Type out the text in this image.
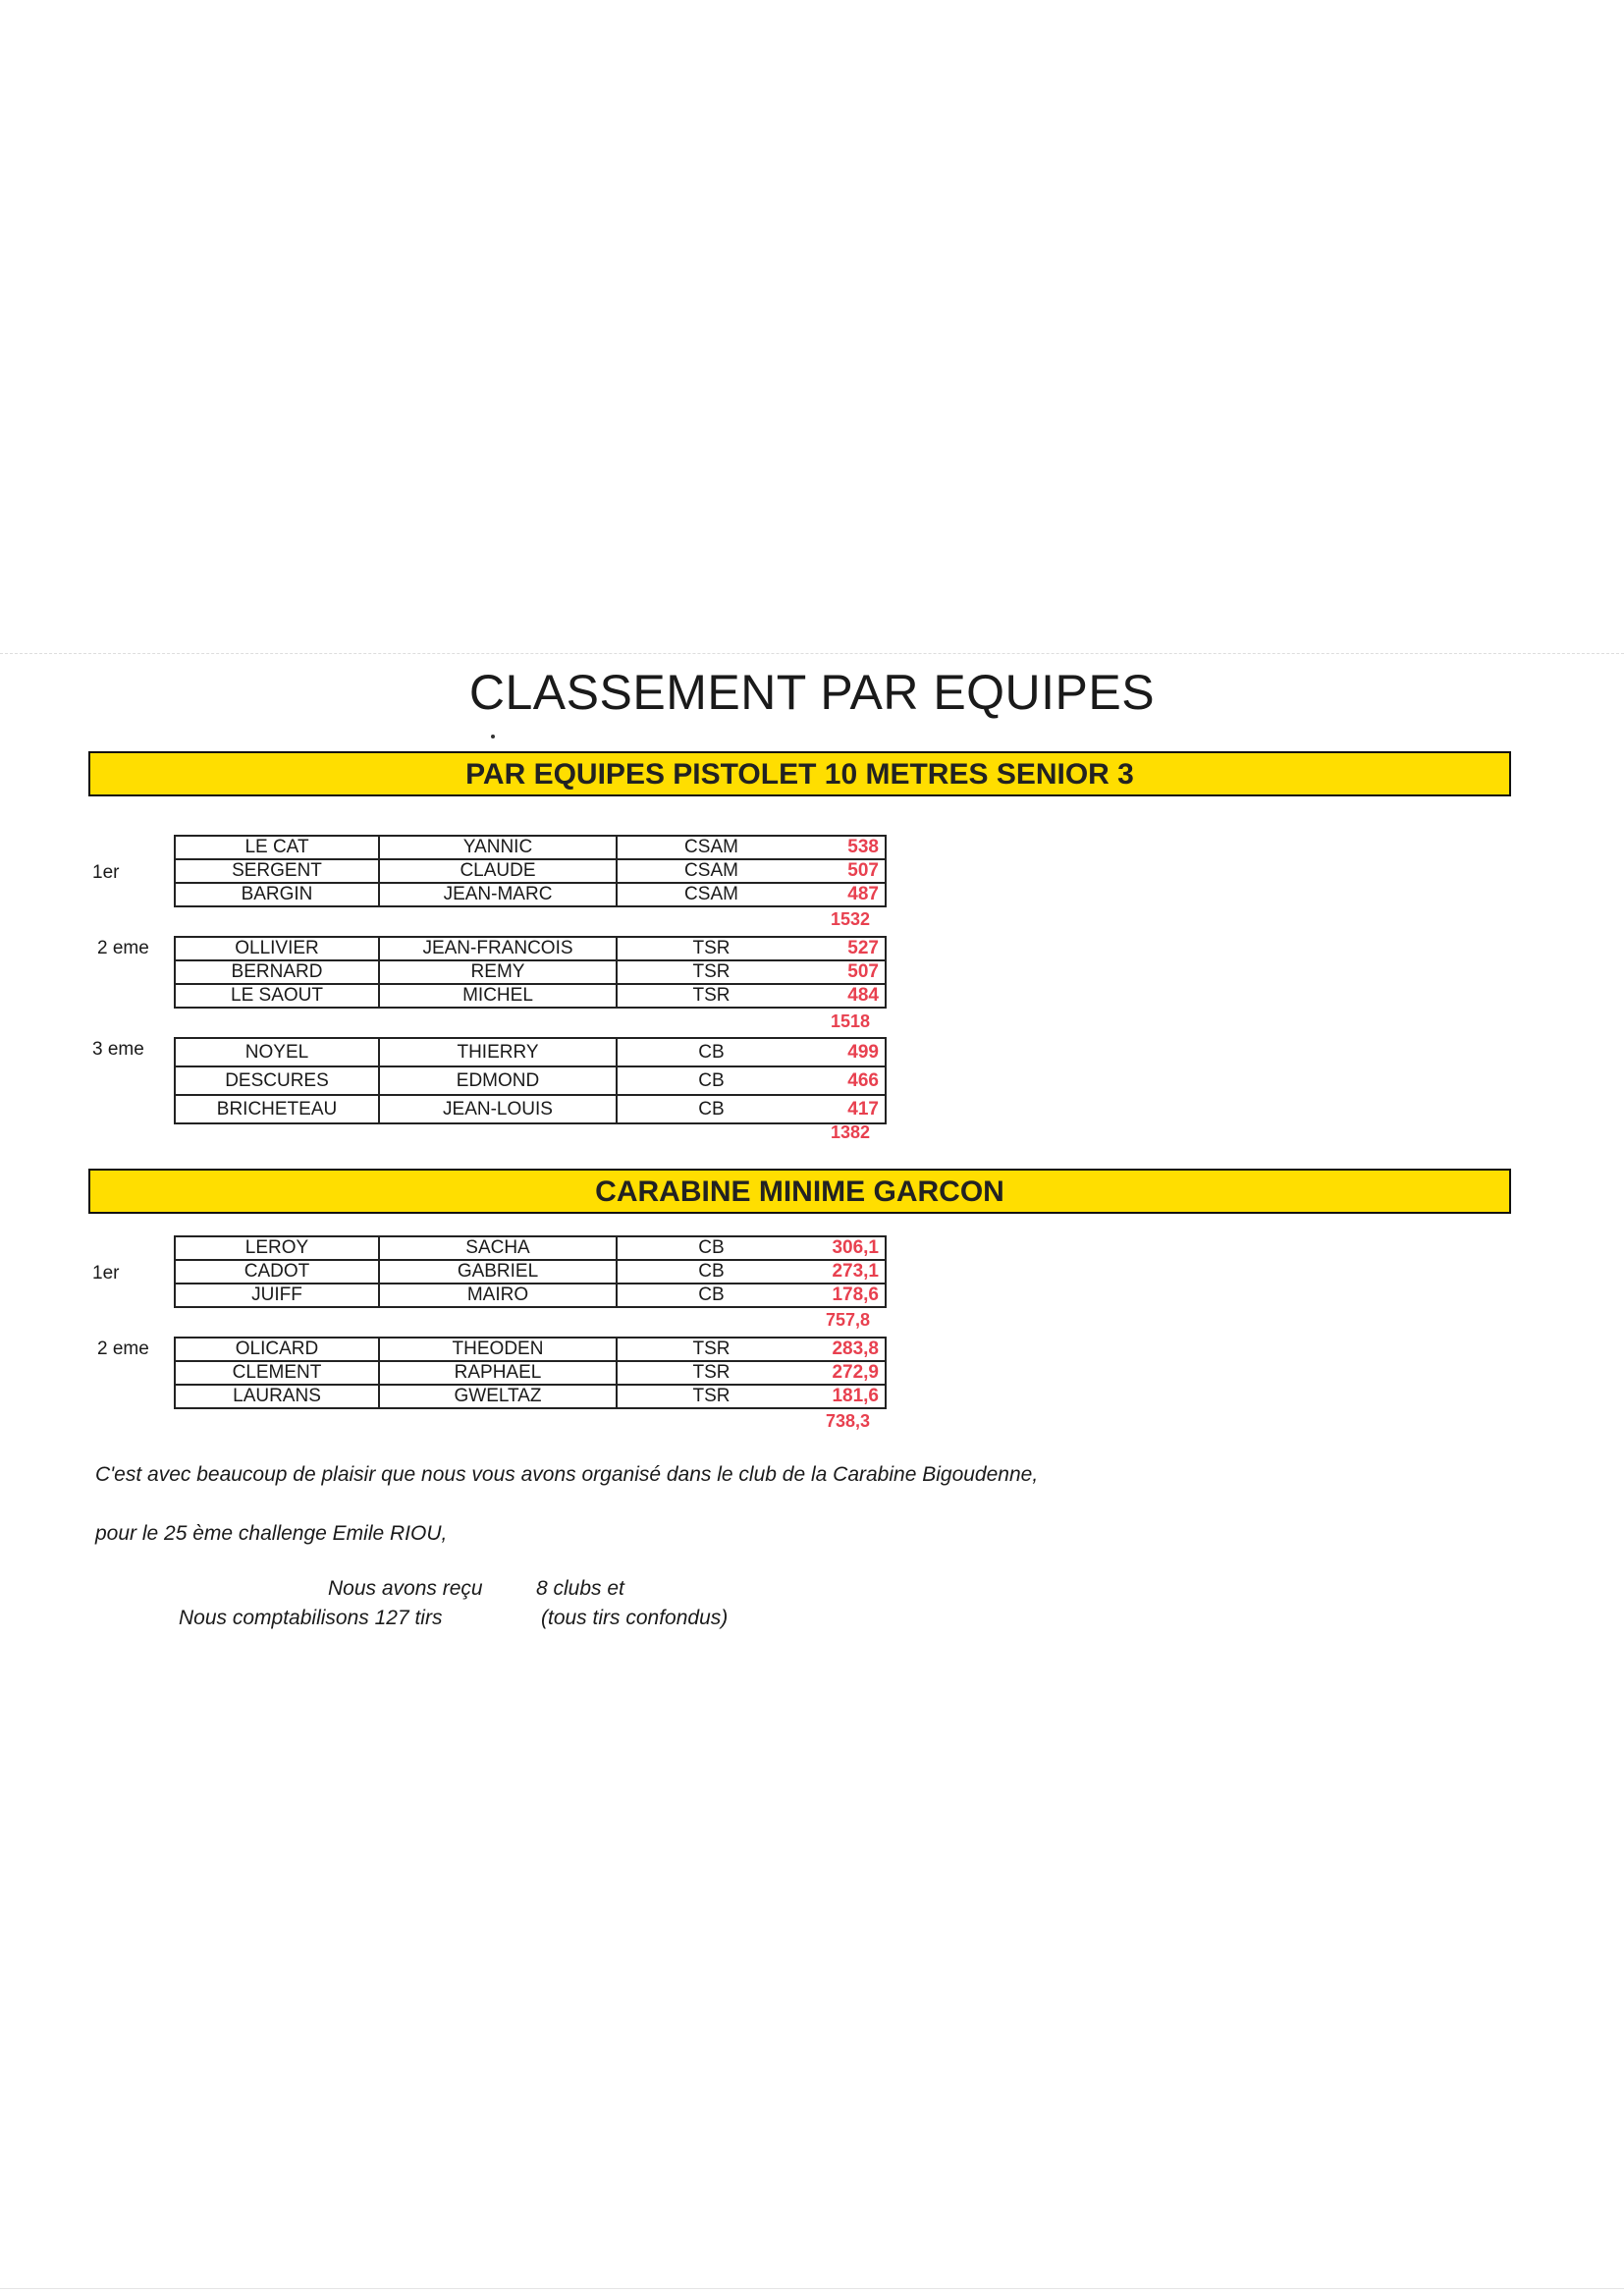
CLASSEMENT PAR EQUIPES
PAR EQUIPES PISTOLET 10 METRES SENIOR 3
1er
LE CAT	YANNIC	CSAM	538
SERGENT	CLAUDE	CSAM	507
BARGIN	JEAN-MARC	CSAM	487
1532
2 eme	OLLIVIER	JEAN-FRANCOIS	TSR	527
BERNARD	REMY	TSR	507
LE SAOUT	MICHEL	TSR	484
1518
3 eme	NOYEL	THIERRY	CB	499
DESCURES	EDMOND	CB	466
BRICHETEAU	JEAN-LOUIS	CB	417
1382
CARABINE MINIME GARCON
1er
LEROY	SACHA	CB	306,1
CADOT	GABRIEL	CB	273,1
JUIFF	MAIRO	CB	178,6
757,8
2 eme	OLICARD	THEODEN	TSR	283,8
CLEMENT	RAPHAEL	TSR	272,9
LAURANS	GWELTAZ	TSR	181,6
738,3
C'est avec beaucoup de plaisir que nous vous avons organisé dans le club de la Carabine Bigoudenne,
pour le 25 ème challenge Emile RIOU,
Nous avons reçu	8 clubs et
Nous comptabilisons 127 tirs	(tous tirs confondus)
